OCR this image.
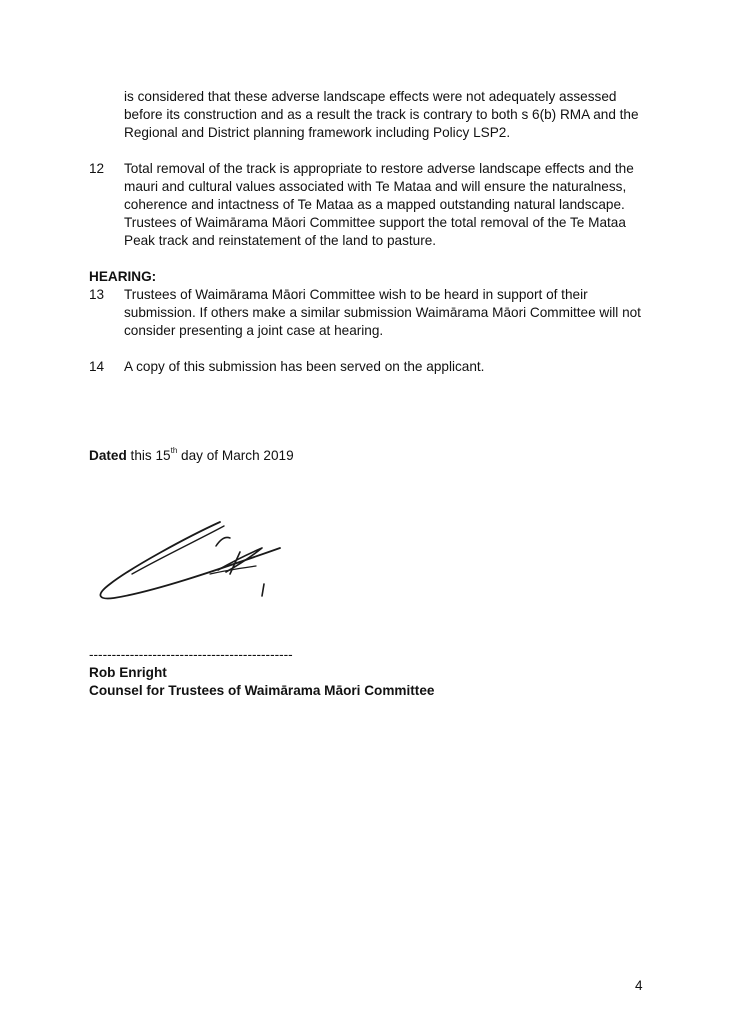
is considered that these adverse landscape effects were not adequately assessed before its construction and as a result the track is contrary to both s 6(b) RMA and the Regional and District planning framework including Policy LSP2.
12 Total removal of the track is appropriate to restore adverse landscape effects and the mauri and cultural values associated with Te Mataa and will ensure the naturalness, coherence and intactness of Te Mataa as a mapped outstanding natural landscape. Trustees of Waimārama Māori Committee support the total removal of the Te Mataa Peak track and reinstatement of the land to pasture.
HEARING:
13 Trustees of Waimārama Māori Committee wish to be heard in support of their submission. If others make a similar submission Waimārama Māori Committee will not consider presenting a joint case at hearing.
14 A copy of this submission has been served on the applicant.
Dated this 15th day of March 2019
---------------------------------------------
Rob Enright
Counsel for Trustees of Waimārama Māori Committee
4
